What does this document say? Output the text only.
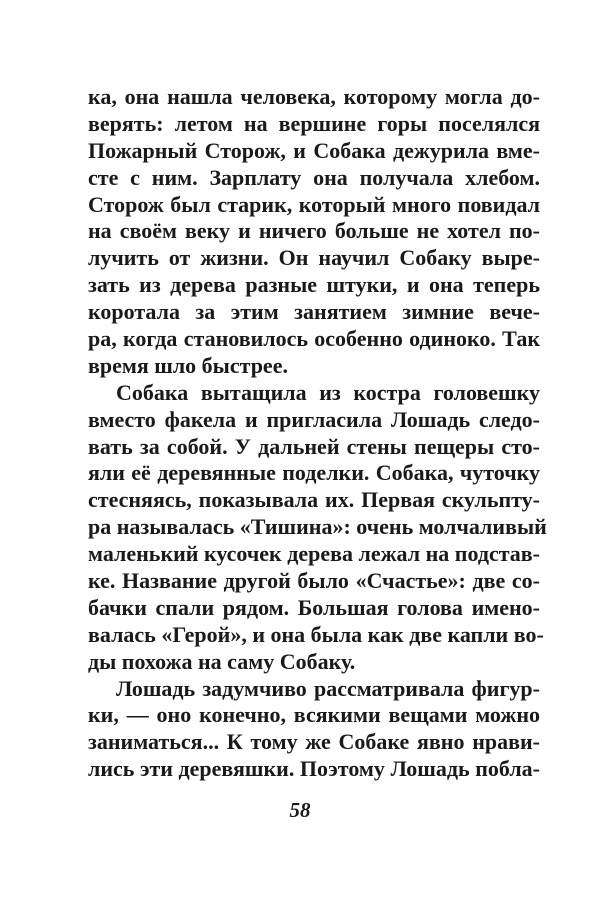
ка, она нашла человека, которому могла до-
верять: летом на вершине горы поселялся
Пожарный Сторож, и Собака дежурила вме-
сте с ним. Зарплату она получала хлебом.
Сторож был старик, который много повидал
на своём веку и ничего больше не хотел по-
лучить от жизни. Он научил Собаку выре-
зать из дерева разные штуки, и она теперь
коротала за этим занятием зимние вече-
ра, когда становилось особенно одиноко. Так
время шло быстрее.
Собака вытащила из костра головешку
вместо факела и пригласила Лошадь следо-
вать за собой. У дальней стены пещеры сто-
яли её деревянные поделки. Собака, чуточку
стесняясь, показывала их. Первая скульпту-
ра называлась «Тишина»: очень молчаливый
маленький кусочек дерева лежал на подстав-
ке. Название другой было «Счастье»: две со-
бачки спали рядом. Большая голова имено-
валась «Герой», и она была как две капли во-
ды похожа на саму Собаку.
Лошадь задумчиво рассматривала фигур-
ки, — оно конечно, всякими вещами можно
заниматься... К тому же Собаке явно нрави-
лись эти деревяшки. Поэтому Лошадь побла-
58
